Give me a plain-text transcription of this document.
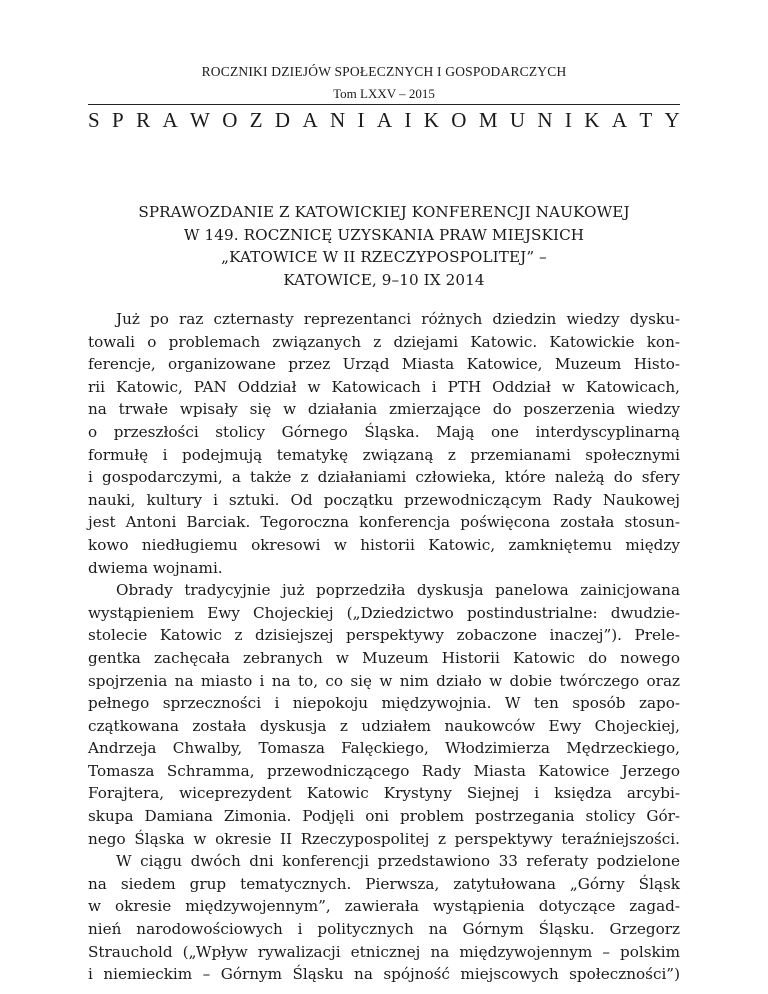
ROCZNIKI DZIEJÓW SPOŁECZNYCH I GOSPODARCZYCH
Tom LXXV – 2015
S P R A W O Z D A N I A I K O M U N I K A T Y
SPRAWOZDANIE Z KATOWICKIEJ KONFERENCJI NAUKOWEJ
W 149. ROCZNICĘ UZYSKANIA PRAW MIEJSKICH
„KATOWICE W II RZECZYPOSPOLITEJ” –
KATOWICE, 9–10 IX 2014
Już po raz czternasty reprezentanci różnych dziedzin wiedzy dysku-
towali o problemach związanych z dziejami Katowic. Katowickie kon-
ferencje, organizowane przez Urząd Miasta Katowice, Muzeum Histo-
rii Katowic, PAN Oddział w Katowicach i PTH Oddział w Katowicach,
na trwałe wpisały się w działania zmierzające do poszerzenia wiedzy
o przeszłości stolicy Górnego Śląska. Mają one interdyscyplinarną
formułę i podejmują tematykę związaną z przemianami społecznymi
i gospodarczymi, a także z działaniami człowieka, które należą do sfery
nauki, kultury i sztuki. Od początku przewodniczącym Rady Naukowej
jest Antoni Barciak. Tegoroczna konferencja poświęcona została stosun-
kowo niedługiemu okresowi w historii Katowic, zamkniętemu między
dwiema wojnami.
Obrady tradycyjnie już poprzedziła dyskusja panelowa zainicjowana
wystąpieniem Ewy Chojeckiej („Dziedzictwo postindustrialne: dwudzie-
stolecie Katowic z dzisiejszej perspektywy zobaczone inaczej”). Prele-
gentka zachęcała zebranych w Muzeum Historii Katowic do nowego
spojrzenia na miasto i na to, co się w nim działo w dobie twórczego oraz
pełnego sprzeczności i niepokoju międzywojnia. W ten sposób zapo-
czątkowana została dyskusja z udziałem naukowców Ewy Chojeckiej,
Andrzeja Chwalby, Tomasza Falęckiego, Włodzimierza Mędrzeckiego,
Tomasza Schramma, przewodniczącego Rady Miasta Katowice Jerzego
Forajtera, wiceprezydent Katowic Krystyny Siejnej i księdza arcybi-
skupa Damiana Zimonia. Podjęli oni problem postrzegania stolicy Gór-
nego Śląska w okresie II Rzeczypospolitej z perspektywy teraźniejszości.
W ciągu dwóch dni konferencji przedstawiono 33 referaty podzielone
na siedem grup tematycznych. Pierwsza, zatytułowana „Górny Śląsk
w okresie międzywojennym”, zawierała wystąpienia dotyczące zagad-
nień narodowościowych i politycznych na Górnym Śląsku. Grzegorz
Strauchold („Wpływ rywalizacji etnicznej na międzywojennym – polskim
i niemieckim – Górnym Śląsku na spójność miejscowych społeczności”)
